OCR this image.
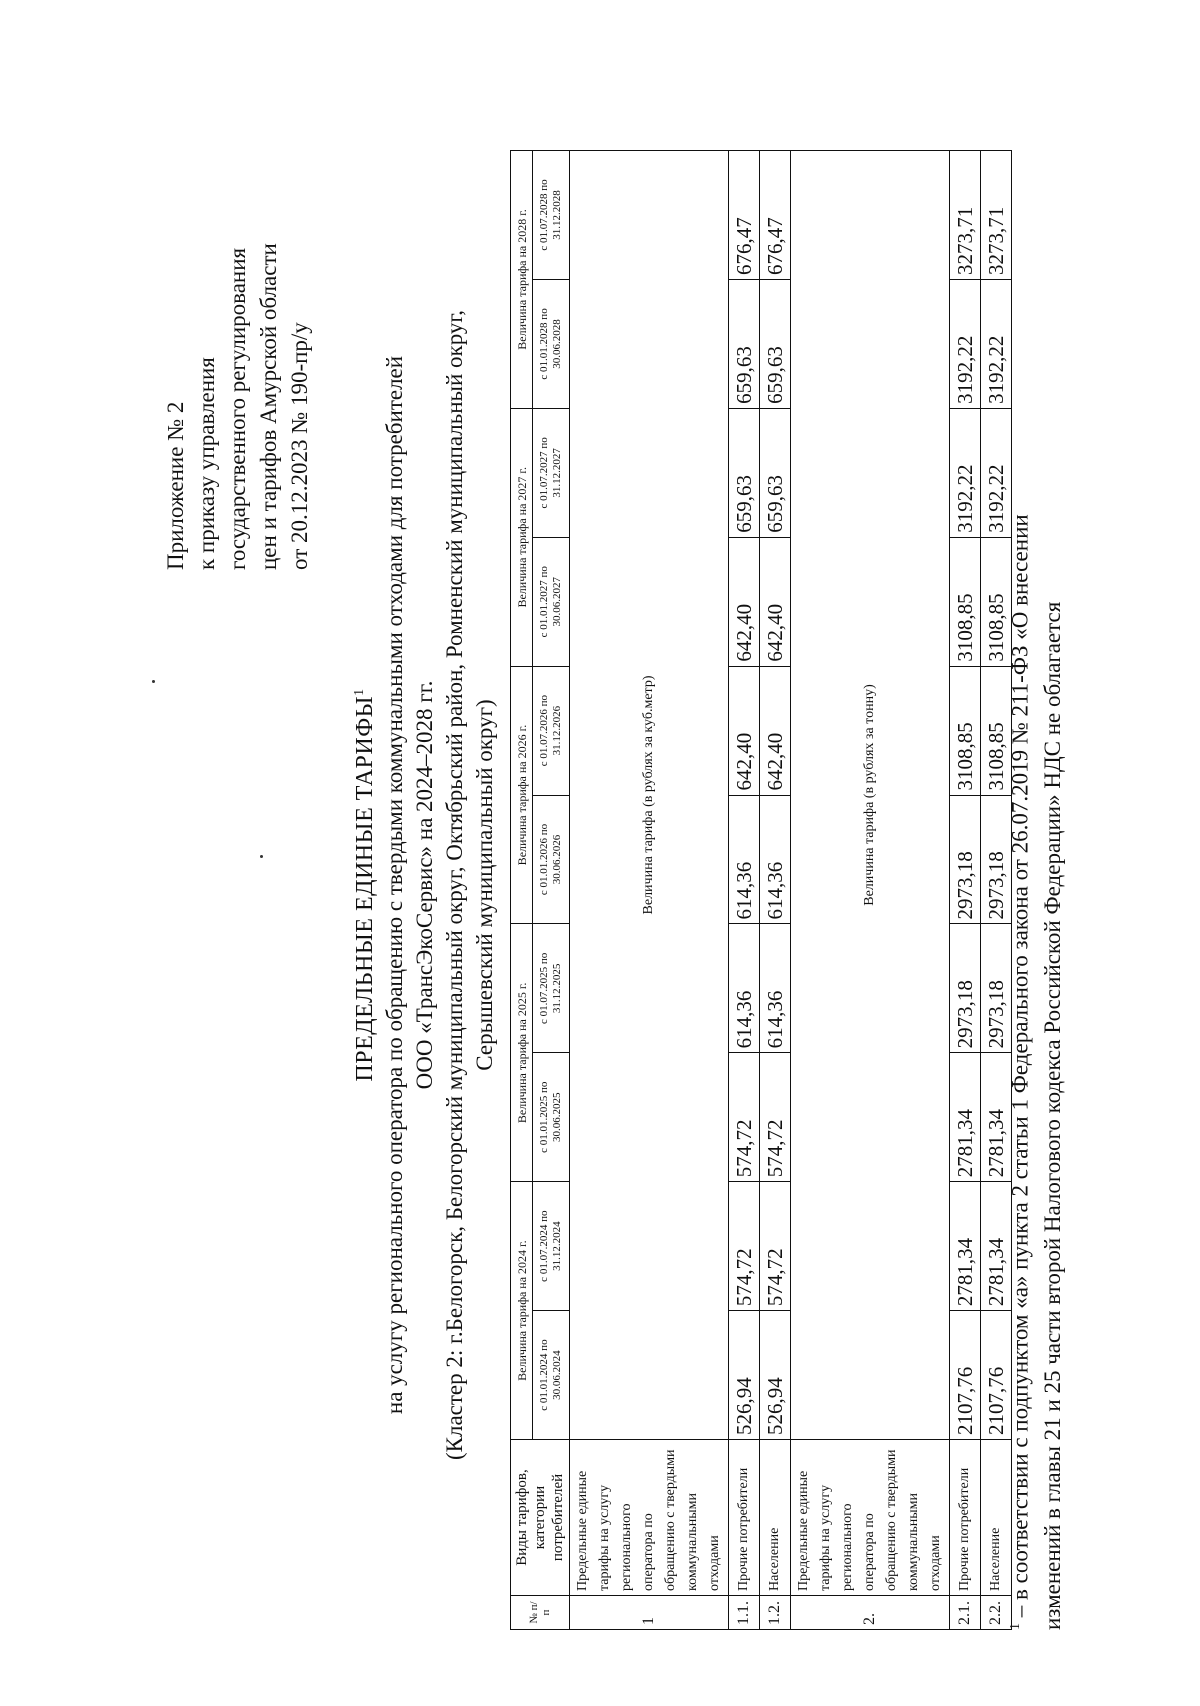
Приложение № 2 к приказу управления государственного регулирования цен и тарифов Амурской области от 20.12.2023 № 190-пр/у
ПРЕДЕЛЬНЫЕ ЕДИНЫЕ ТАРИФЫ$^1$ на услугу регионального оператора по обращению с твердыми коммунальными отходами для потребителей ООО «ТрансЭкоСервис» на 2024–2028 гг. (Кластер 2: г.Белогорск, Белогорский муниципальный округ, Октябрьский район, Ромненский муниципальный округ, Серышевский муниципальный округ)
№ п/п	Виды тарифов, категории потребителей	Величина тарифа на 2024 г.		Величина тарифа на 2025 г.		Величина тарифа на 2026 г.		Величина тарифа на 2027 г.		Величина тарифа на 2028 г.	
		с 01.01.2024 по 30.06.2024	с 01.07.2024 по 31.12.2024	с 01.01.2025 по 30.06.2025	с 01.07.2025 по 31.12.2025	с 01.01.2026 по 30.06.2026	с 01.07.2026 по 31.12.2026	с 01.01.2027 по 30.06.2027	с 01.07.2027 по 31.12.2027	с 01.01.2028 по 30.06.2028	с 01.07.2028 по 31.12.2028
1	Предельные единые тарифы на услугу регионального оператора по обращению с твердыми коммунальными отходами	Величина тарифа (в рублях за куб.метр)									
1.1.	Прочие потребители	526,94	574,72	574,72	614,36	614,36	642,40	642,40	659,63	659,63	676,47
1.2.	Население	526,94	574,72	574,72	614,36	614,36	642,40	642,40	659,63	659,63	676,47
2.	Предельные единые тарифы на услугу регионального оператора по обращению с твердыми коммунальными отходами	Величина тарифа (в рублях за тонну)									
2.1.	Прочие потребители	2107,76	2781,34	2781,34	2973,18	2973,18	3108,85	3108,85	3192,22	3192,22	3273,71
2.2.	Население	2107,76	2781,34	2781,34	2973,18	2973,18	3108,85	3108,85	3192,22	3192,22	3273,71
$^1$ – в соответствии с подпунктом «а» пункта 2 статьи 1 Федерального закона от 26.07.2019 № 211-ФЗ «О внесении изменений в главы 21 и 25 части второй Налогового кодекса Российской Федерации» НДС не облагается
